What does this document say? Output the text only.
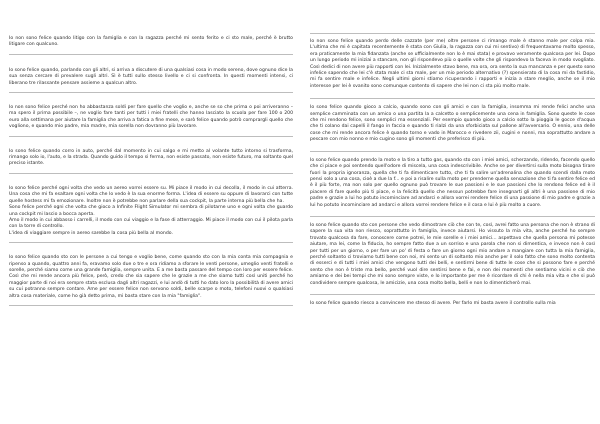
Io non sono felice quando litigo con la famiglia e con la ragazza perché mi sento ferito e ci sto male, perché è brutto litigare con qualcuno.

Io sono felice quando, parlando con gli altri, si arriva a discutere di una qualsiasi cosa in modo sereno, dove ognuno dice la sua senza cercare di prevalere sugli altri. Sì è tutti sullo stesso livello e ci si confronta. In questi momenti intensi, ci liberano tre rilassante pensare assieme a qualcun altro.

Io non sono felice perché non ho abbastanza soldi per fare quello che voglio e, anche se so che prima o poi arriveranno – ma spero il prima possibile –, ne voglio fare tanti per tutti i miei fratelli che hanno lasciato la scuola per fare 100 o 200 euro alla settimana per aiutare la famiglia che arriva a fatica a fine mese, e sarò felice quando potrò comprargli quello che vogliono, e quando mio padre, mia madre, mia sorella non dovranno più lavorare.

Io sono felice quando corro in auto, perché dal momento in cui salgo e mi metto al volante tutto intorno si trasforma, rimango solo io, l'auto, e la strada. Quando guido il tempo si ferma, non esiste passato, non esiste futuro, ma soltanto quel preciso istante.

Io sono felice perché ogni volta che vedo un aereo vorrei essere su. Mi piace il modo in cui decolla, il modo in cui atterra. Una cosa che mi fa esaltare ogni volta che lo vedo è la sua enorme forma. L'idea di essere su oppure di lavorarci con tutte quelle hostess mi fa emozionare. Inoltre non è potrebbe non parlare della sua cockpit, la parte interna più bella che ha.
Sono felice perché ogni che volta che gioco a Infinite Flight Simulator mi sembra di pilotarne uno e ogni volta che guardo una cockpit mi lascio a bocca aperta.
Amo il modo in cui abbasso i carrelli, il modo con cui viaggio e la fase di atterraggio. Mi piace il modo con cui il pilota parla con la torre di controllo.
L'idea di viaggiare sempre in aereo sarebbe la cosa più bella al mondo.

Io sono felice quando sto con le persone a cui tengo e voglio bene, come quando sto con la mia conta mia compagnia e ripenso a quando, quattro anni fa, eravamo solo due o tre e ora ridiamo a sforare le venti persone, umeglio venti fratelli e sorelle, perché siamo come una grande famiglia, sempre unita. E a me basta passare del tempo con loro per essere felice. Così che mi rende ancora più felice, però, credo che sia sapere che le grazie a me che siamo tutti così uniti perché ho maggior parte di noi era sempre stata esclusa dagli altri ragazzi, e lui andò di tutti ho dato loro la possibilità di avere amici su cui potranno sempre contare. Ame per essere felice non servono soldi, belle scarpe o moto, telefoni nuovi o qualsiasi altra cosa materiale, come ho già detto prima, mi basta stare con la mia "famiglia".

Io non sono felice quando perdo delle cazzate (per me) oltre persone ci rimango male è stanno male per colpa mia. L'ultima che mi è capitata recentemente è stata con Giulia, la ragazza con cui mi sentivo) di frequentavamo molto spesso, era praticamente la mia fidanzata (anche se ufficialmente non lo è mai stata) e provavo veramente qualcosa per lei. Dopo un lungo periodo mi iniziai a stancare, non gli rispondevo più o quelle volte che gli rispondevo la faceva in modo svogliato. Così dedici di non avere più rapporti con lei. Inizialmente stavo bene, ma ora, ora sento la sua mancanza e per questo sono infelice sapendo che lei c'è stata male ci sta male, per un mio periodo alternativo (?) spensierato di la cosa mi da fastidio, mi fa sentire male e infelice. Negli ultimi giorni stiamo ricuperando i rapporti e inizia a stare meglio, anche se il mio interesse per lei è svanito sono comunque contento di sapere che lei non ci sta più molto male.

Io sono felice quando gioco a calcio, quando sono con gli amici e con la famiglia, insomma mi rende felici anche una semplice camminata con un amico o una partita la a calcetto o semplicemente una cena in famiglia. Sono queste le cose che mi rendono felice, sono semplici ma essenziali. Per esempio quando gioco a calcio sotto la pioggia le gocce d'acqua che ti colano dai capelli il fango in faccia e quando ti rialzi da una sforbiciata sul pallone all'avversario. O ennio, una delle cose che mi rende ancora felice è quando torno e vado in Marocco e rivedere zii, cugini e nonni, ma soprattutto andare a pescare con mio nonno e mio cugino sono gli momenti che preferisco di più.

Io sono felice quando prendo la moto e la tiro a tutto gas, quando sto con i miei amici, scherzando, ridendo, facendo quello che ci piace e poi sentendo quell'odore di miscela, una cosa indescrivibile. Anche se per divertirsi sulla moto bisogna tirare fuori la propria ignoranza, quella che ti fa dimenticare tutto, che ti fa salire un'adrenalina che quando scendi dalla moto pensi solo a una cosa, cioè a due la f... e poi a risalire sulla moto per prenderne quella sensazione che ti fa sentire felice ed è il più forte, ma non solo per quello ognuno può trovare le sue passioni e le sue passioni che lo rendono felice ed è il piacere di fare quello più ti piace, e la felicità quello che nessun potrebbe fare insegnarti gli altri è una passione di mio padre e grazie a lui ho potuto incominciare ad andarci e allora vorrei rendere felice di una passione di mio padre e grazie a lui ho potuto incominciare ad andarci e allora vorrei rendere felice e il cosa e lui è più molto a cuore.

Io sono felice quando sto con persone che vedo dimostrare ciò che con te, così, avrei fatto una persona che non è strano di sapere la sua vita non riesco, soprattutto in famiglia, invece aiutarsi. Ho vissuto la mia vita, anche perché ho sempre trovato qualcosa da fare, conoscere come potrei, le mie sorelle e i miei amici... aspettavo che quella persona mi potesse aiutare, ma lei, come la fiducia, ho sempre fatto due a un sorriso e una parola che non si dimentica, e invece non è così per tutti per un giorno, o per fare un po' di festa o fare un giorno ogni mio andare a mangiare con tutta la mia famiglia, perché soltanto ci troviamo tutti bene con noi, mi sento un di soltanto mio anche per il solo fatto che sono molto contenta di esserci e di tutti i miei amici che vengono tutti dei belli, e sentirmi bene di tutte le cose che si possono fare e perché sento che non è triste ma bello, perché vuol dire sentirsi bene e fai, e non dei momenti che sentiamo vicini e ciò che amiamo e dei bei tempi che mi sono sempre viste, e lo importante per me è ricordare di chi è nella mia vita e che si può condividere sempre qualcosa, le amicizie, una cosa molto bella, belli e non lo dimenticherò mai.

Io sono felice quando riesco a convincere me stesso di avere. Per farlo mi basta avere il controllo sulla mia
